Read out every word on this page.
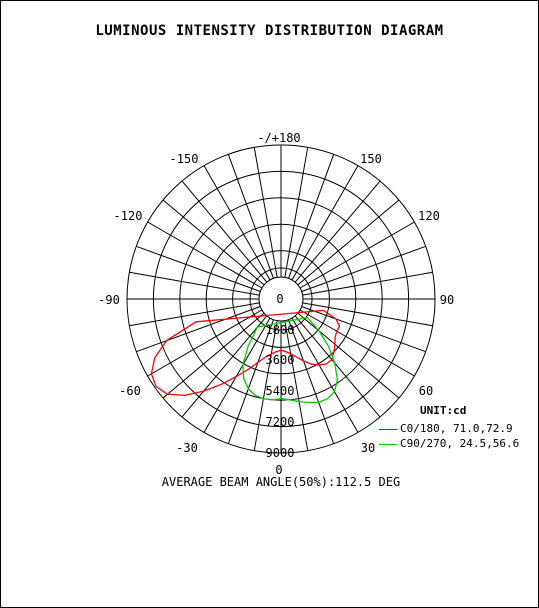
LUMINOUS INTENSITY DISTRIBUTION DIAGRAM
-/+180
-150	150
-120	120
-90	90
-60	60
-30	30
0
0
1800
3600
5400
7200
9000
UNIT:cd
C0/180, 71.0,72.9
C90/270, 24.5,56.6
AVERAGE BEAM ANGLE(50%):112.5 DEG
